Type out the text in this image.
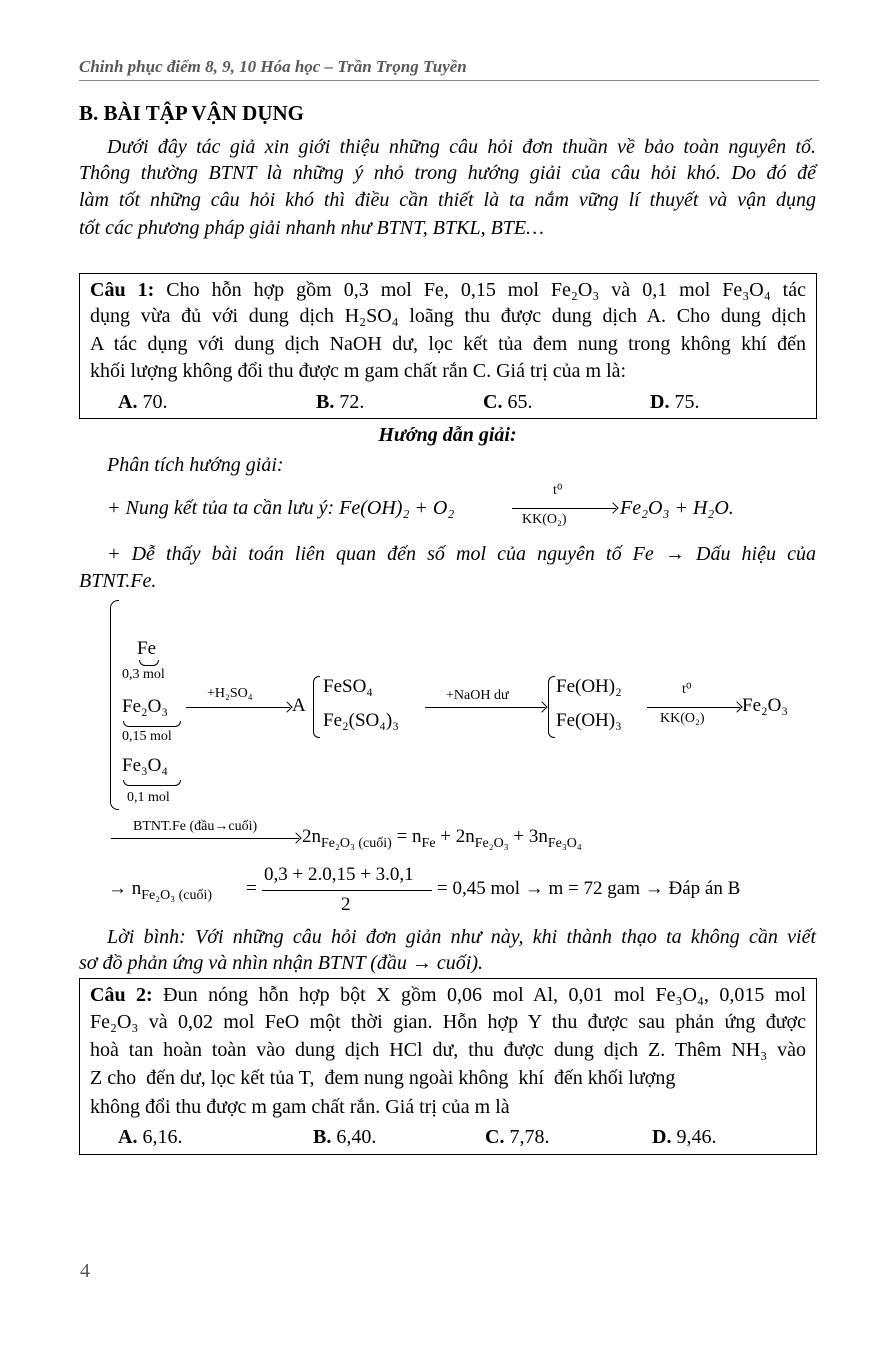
Chinh phục điểm 8, 9, 10 Hóa học – Trần Trọng Tuyền
B. BÀI TẬP VẬN DỤNG
Dưới đây tác giả xin giới thiệu những câu hỏi đơn thuần về bảo toàn nguyên tố.
Thông thường BTNT là những ý nhỏ trong hướng giải của câu hỏi khó. Do đó để
làm tốt những câu hỏi khó thì điều cần thiết là ta nắm vững lí thuyết và vận dụng
tốt các phương pháp giải nhanh như BTNT, BTKL, BTE…
Câu 1: Cho hỗn hợp gồm 0,3 mol Fe, 0,15 mol Fe₂O₃ và 0,1 mol Fe₃O₄ tác
dụng vừa đủ với dung dịch H₂SO₄ loãng thu được dung dịch A. Cho dung dịch
A tác dụng với dung dịch NaOH dư, lọc kết tủa đem nung trong không khí đến
khối lượng không đổi thu được m gam chất rắn C. Giá trị của m là:
A. 70.	B. 72.	C. 65.	D. 75.
Hướng dẫn giải:
Phân tích hướng giải:
+ Nung kết tủa ta cần lưu ý: Fe(OH)₂ + O₂
t⁰
KK(O₂)
Fe₂O₃ + H₂O.
+ Dễ thấy bài toán liên quan đến số mol của nguyên tố Fe → Dấu hiệu của
BTNT.Fe.
Fe
0,3 mol
Fe₂O₃
0,15 mol
Fe₃O₄
0,1 mol
+H₂SO₄
A
FeSO₄
Fe₂(SO₄)₃
+NaOH dư Fe(OH)₂
Fe(OH)₃
t⁰
KK(O₂)
Fe₂O₃
BTNT.Fe (đầu→cuối) $2n_{Fe_2O_3 (cuối)} = n_{Fe} + 2n_{Fe_2O_3} + 3n_{Fe_3O_4}$
→ $n_{Fe_2O_3 (cuối)}$ =
0,3 + 2.0,15 + 3.0,1
2
= 0,45 mol → m = 72 gam → Đáp án B
Lời bình: Với những câu hỏi đơn giản như này, khi thành thạo ta không cần viết
sơ đồ phản ứng và nhìn nhận BTNT (đầu → cuối).
Câu 2: Đun nóng hỗn hợp bột X gồm 0,06 mol Al, 0,01 mol Fe₃O₄, 0,015 mol
Fe₂O₃ và 0,02 mol FeO một thời gian. Hỗn hợp Y thu được sau phản ứng được
hoà tan hoàn toàn vào dung dịch HCl dư, thu được dung dịch Z. Thêm NH₃ vào
Z cho  đến dư, lọc kết tủa T,  đem nung ngoài không  khí  đến khối lượng
không đổi thu được m gam chất rắn. Giá trị của m là
A. 6,16.	B. 6,40.	C. 7,78.	D. 9,46.
4
